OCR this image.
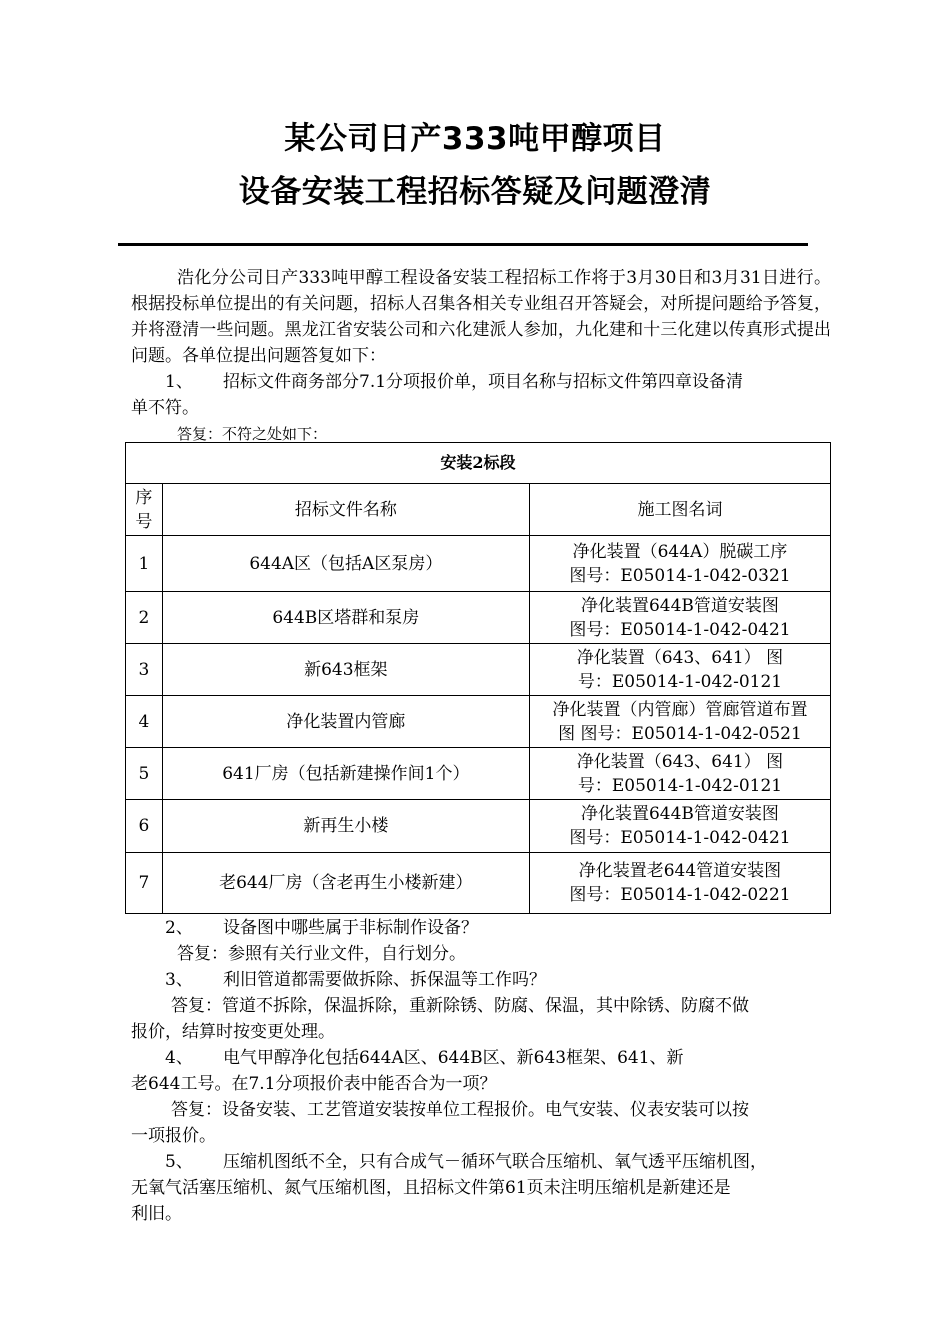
某公司日产333吨甲醇项目
设备安装工程招标答疑及问题澄清

浩化分公司日产333吨甲醇工程设备安装工程招标工作将于3月30日和3月31日进行。根据投标单位提出的有关问题，招标人召集各相关专业组召开答疑会，对所提问题给予答复，并将澄清一些问题。黑龙江省安装公司和六化建派人参加，九化建和十三化建以传真形式提出问题。各单位提出问题答复如下：

1、 招标文件商务部分7.1分项报价单，项目名称与招标文件第四章设备清

单不符。

答复：不符之处如下：

安装2标段		
序号	招标文件名称	施工图名词
1	644A区（包括A区泵房）	净化装置（644A）脱碳工序
图号：E05014-1-042-0321

2	644B区塔群和泵房	净化装置644B管道安装图
图号：E05014-1-042-0421

3	新643框架	净化装置（643、641） 图
号：E05014-1-042-0121

4	净化装置内管廊	净化装置（内管廊）管廊管道布置
图 图号：E05014-1-042-0521

5	641厂房（包括新建操作间1个）	净化装置（643、641） 图
号：E05014-1-042-0121

6	新再生小楼	净化装置644B管道安装图
图号：E05014-1-042-0421

7	老644厂房（含老再生小楼新建）	净化装置老644管道安装图
图号：E05014-1-042-0221

2、 设备图中哪些属于非标制作设备？

答复：参照有关行业文件，自行划分。

3、 利旧管道都需要做拆除、拆保温等工作吗？

答复：管道不拆除，保温拆除，重新除锈、防腐、保温，其中除锈、防腐不做

报价，结算时按变更处理。

4、 电气甲醇净化包括644A区、644B区、新643框架、641、新

老644工号。在7.1分项报价表中能否合为一项？

答复：设备安装、工艺管道安装按单位工程报价。电气安装、仪表安装可以按

一项报价。

5、 压缩机图纸不全，只有合成气－循环气联合压缩机、氧气透平压缩机图，

无氧气活塞压缩机、氮气压缩机图，且招标文件第61页未注明压缩机是新建还是

利旧。
